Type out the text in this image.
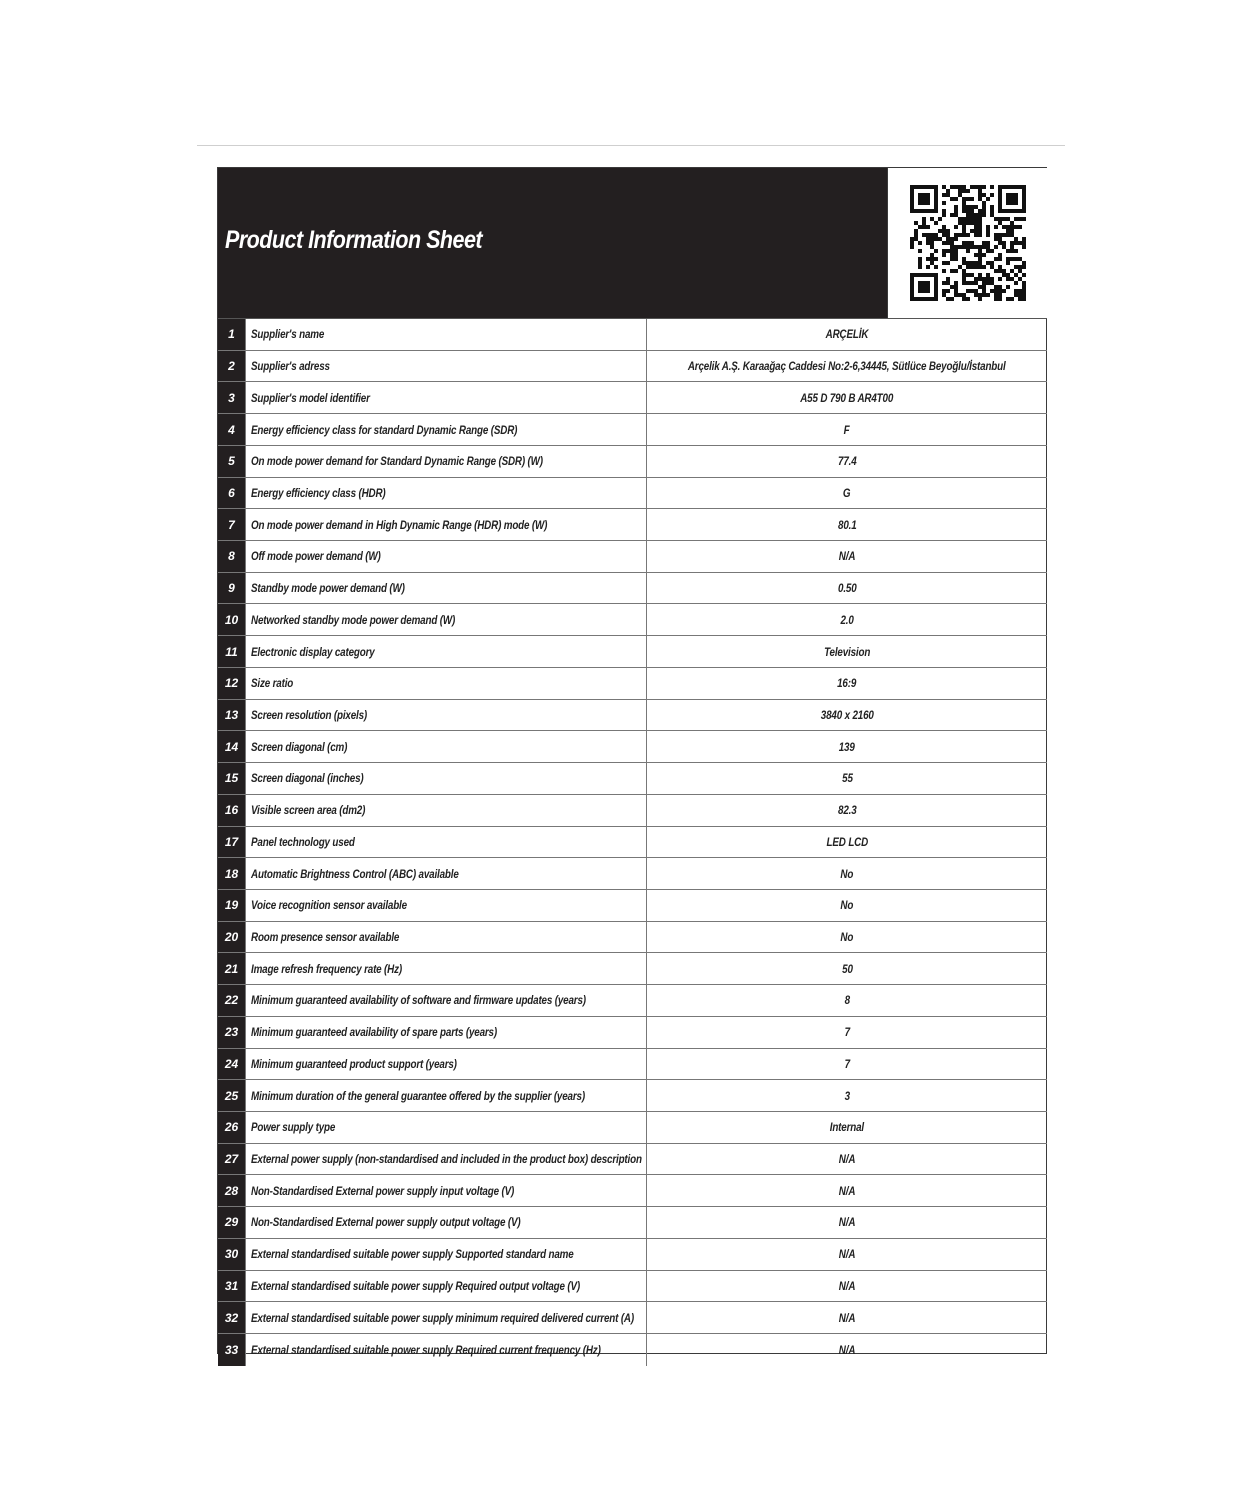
Product Information Sheet
1	Supplier's name	ARÇELİK
2	Supplier's adress	Arçelik A.Ş. Karaağaç Caddesi No:2-6,34445, Sütlüce Beyoğlu/İstanbul
3	Supplier's model identifier	A55 D 790 B AR4T00
4	Energy efficiency class for standard Dynamic Range (SDR)	F
5	On mode power demand for Standard Dynamic Range (SDR) (W)	77.4
6	Energy efficiency class (HDR)	G
7	On mode power demand in High Dynamic Range (HDR) mode (W)	80.1
8	Off mode power demand (W)	N/A
9	Standby mode power demand (W)	0.50
10	Networked standby mode power demand (W)	2.0
11	Electronic display category	Television
12	Size ratio	16:9
13	Screen resolution (pixels)	3840 x 2160
14	Screen diagonal (cm)	139
15	Screen diagonal (inches)	55
16	Visible screen area (dm2)	82.3
17	Panel technology used	LED LCD
18	Automatic Brightness Control (ABC) available	No
19	Voice recognition sensor available	No
20	Room presence sensor available	No
21	Image refresh frequency rate (Hz)	50
22	Minimum guaranteed availability of software and firmware updates (years)	8
23	Minimum guaranteed availability of spare parts (years)	7
24	Minimum guaranteed product support (years)	7
25	Minimum duration of the general guarantee offered by the supplier (years)	3
26	Power supply type	Internal
27	External power supply (non-standardised and included in the product box) description	N/A
28	Non-Standardised External power supply input voltage (V)	N/A
29	Non-Standardised External power supply output voltage (V)	N/A
30	External standardised suitable power supply Supported standard name	N/A
31	External standardised suitable power supply Required output voltage (V)	N/A
32	External standardised suitable power supply minimum required delivered current (A)	N/A
33	External standardised suitable power supply Required current frequency (Hz)	N/A
